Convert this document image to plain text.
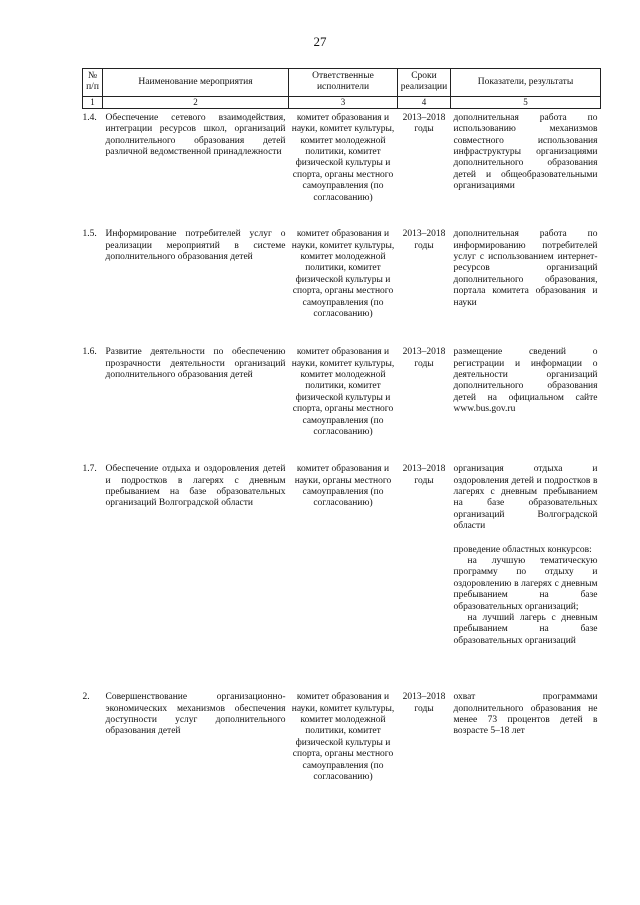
27
№ п/п	Наименование мероприятия	Ответственные исполнители	Сроки реализации	Показатели, результаты
1	2	3	4	5
1.4.	Обеспечение сетевого взаимодействия, интеграции ресурсов школ, организаций дополнительного образования детей различной ведомственной принадлежности	комитет образования и науки, комитет культуры, комитет молодежной политики, комитет физической культуры и спорта, органы местного самоуправления (по согласованию)	2013–2018 годы	дополнительная работа по использованию механизмов совместного использования инфраструктуры организациями дополнительного образования детей и общеобразовательными организациями

1.5.	Информирование потребителей услуг о реализации мероприятий в системе дополнительного образования детей	комитет образования и науки, комитет культуры, комитет молодежной политики, комитет физической культуры и спорта, органы местного самоуправления (по согласованию)	2013–2018 годы	дополнительная работа по информированию потребителей услуг с использованием интернет-ресурсов организаций дополнительного образования, портала комитета образования и науки

1.6.	Развитие деятельности по обеспечению прозрачности деятельности организаций дополнительного образования детей	комитет образования и науки, комитет культуры, комитет молодежной политики, комитет физической культуры и спорта, органы местного самоуправления (по согласованию)	2013–2018 годы	размещение сведений о регистрации и информации о деятельности организаций дополнительного образования детей на официальном сайте www.bus.gov.ru

1.7.	Обеспечение отдыха и оздоровления детей и подростков в лагерях с дневным пребыванием на базе образовательных организаций Волгоградской области	комитет образования и науки, органы местного самоуправления (по согласованию)	2013–2018 годы	организация отдыха и оздоровления детей и подростков в лагерях с дневным пребыванием на базе образовательных организаций Волгоградской области
проведение областных конкурсов:
на лучшую тематическую программу по отдыху и оздоровлению в лагерях с дневным пребыванием на базе образовательных организаций;
на лучший лагерь с дневным пребыванием на базе образовательных организаций

2.	Совершенствование организационно-экономических механизмов обеспечения доступности услуг дополнительного образования детей	комитет образования и науки, комитет культуры, комитет молодежной политики, комитет физической культуры и спорта, органы местного самоуправления (по согласованию)	2013–2018 годы	охват программами дополнительного образования не менее 73 процентов детей в возрасте 5–18 лет
